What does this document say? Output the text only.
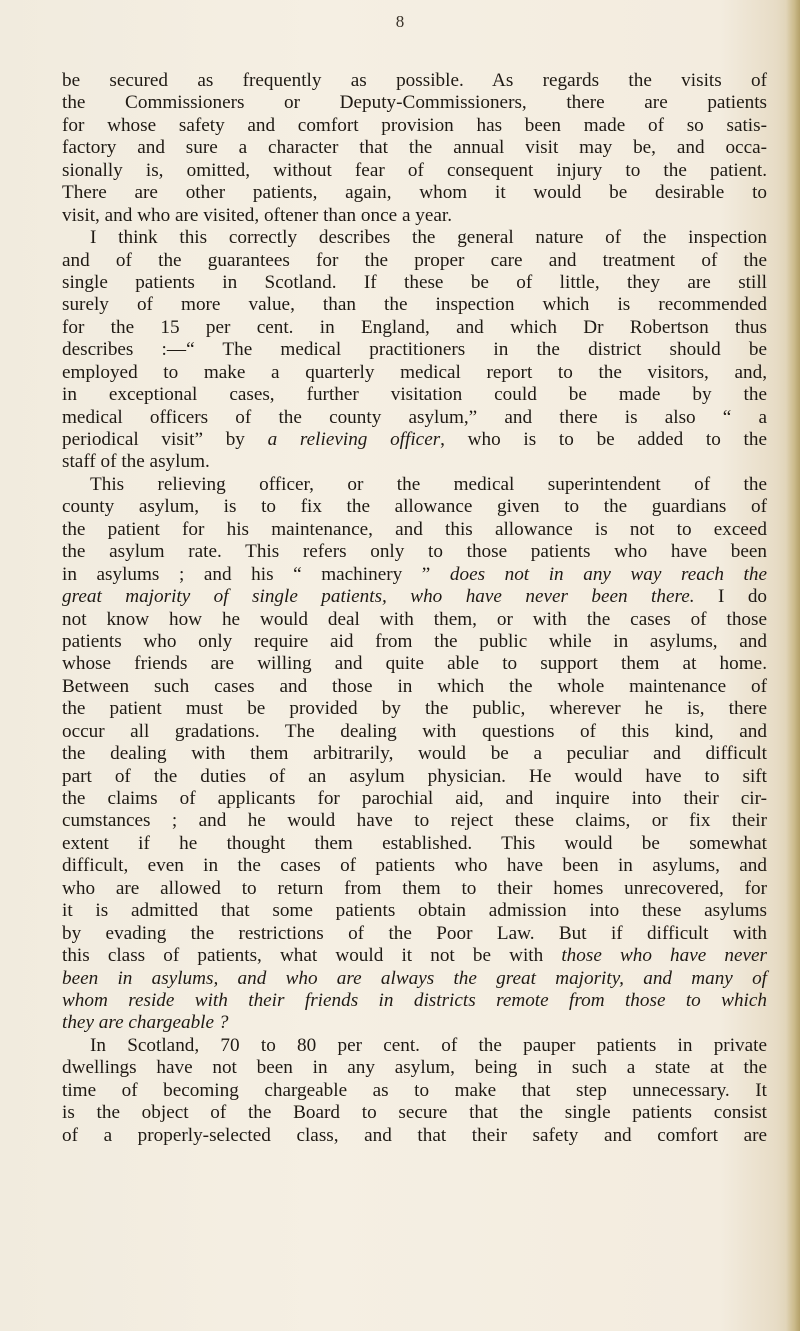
8
be secured as frequently as possible. As regards the visits of
the Commissioners or Deputy-Commissioners, there are patients
for whose safety and comfort provision has been made of so satis-
factory and sure a character that the annual visit may be, and occa-
sionally is, omitted, without fear of consequent injury to the patient.
There are other patients, again, whom it would be desirable to
visit, and who are visited, oftener than once a year.
I think this correctly describes the general nature of the inspection
and of the guarantees for the proper care and treatment of the
single patients in Scotland. If these be of little, they are still
surely of more value, than the inspection which is recommended
for the 15 per cent. in England, and which Dr Robertson thus
describes :—“ The medical practitioners in the district should be
employed to make a quarterly medical report to the visitors, and,
in exceptional cases, further visitation could be made by the
medical officers of the county asylum,” and there is also “ a
periodical visit” by a relieving officer, who is to be added to the
staff of the asylum.
This relieving officer, or the medical superintendent of the
county asylum, is to fix the allowance given to the guardians of
the patient for his maintenance, and this allowance is not to exceed
the asylum rate. This refers only to those patients who have been
in asylums ; and his “ machinery ” does not in any way reach the
great majority of single patients, who have never been there. I do
not know how he would deal with them, or with the cases of those
patients who only require aid from the public while in asylums, and
whose friends are willing and quite able to support them at home.
Between such cases and those in which the whole maintenance of
the patient must be provided by the public, wherever he is, there
occur all gradations. The dealing with questions of this kind, and
the dealing with them arbitrarily, would be a peculiar and difficult
part of the duties of an asylum physician. He would have to sift
the claims of applicants for parochial aid, and inquire into their cir-
cumstances ; and he would have to reject these claims, or fix their
extent if he thought them established. This would be somewhat
difficult, even in the cases of patients who have been in asylums, and
who are allowed to return from them to their homes unrecovered, for
it is admitted that some patients obtain admission into these asylums
by evading the restrictions of the Poor Law. But if difficult with
this class of patients, what would it not be with those who have never
been in asylums, and who are always the great majority, and many of
whom reside with their friends in districts remote from those to which
they are chargeable ?
In Scotland, 70 to 80 per cent. of the pauper patients in private
dwellings have not been in any asylum, being in such a state at the
time of becoming chargeable as to make that step unnecessary. It
is the object of the Board to secure that the single patients consist
of a properly-selected class, and that their safety and comfort are
